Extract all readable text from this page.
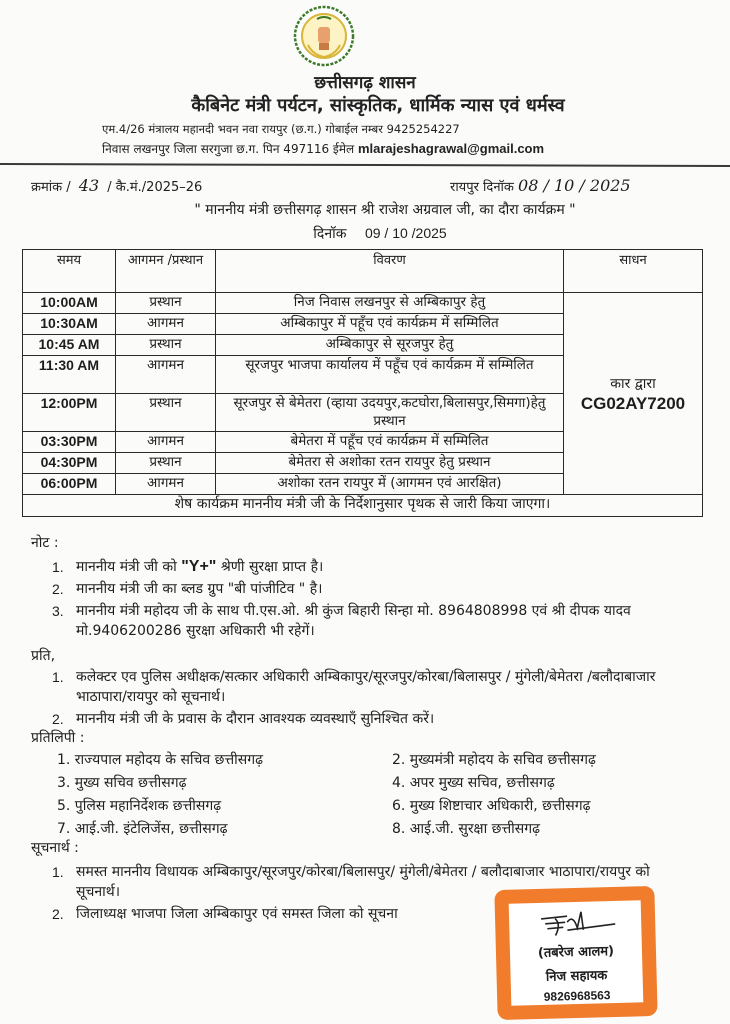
छत्तीसगढ़ शासन
कैबिनेट मंत्री पर्यटन, सांस्कृतिक, धार्मिक न्यास एवं धर्मस्व
एम.4/26 मंत्रालय महानदी भवन नवा रायपुर (छ.ग.) गोबाईल नम्बर 9425254227
निवास लखनपुर जिला सरगुजा छ.ग. पिन 497116 ईमेल mlarajeshagrawal@gmail.com
क्रमांक / 43 / कै.मं./2025–26	रायपुर दिनॉक 08 / 10 / 2025
" माननीय मंत्री छत्तीसगढ़ शासन श्री राजेश अग्रवाल जी, का दौरा कार्यक्रम "
दिनॉक 09 / 10 /2025
समय	आगमन /प्रस्थान	विवरण	साधन
10:00AM	प्रस्थान	निज निवास लखनपुर से अम्बिकापुर हेतु	कार द्वारा
CG02AY7200

10:30AM	आगमन	अम्बिकापुर में पहूँच एवं कार्यक्रम में सम्मिलित	
10:45 AM	प्रस्थान	अम्बिकापुर से सूरजपुर हेतु	
11:30 AM	आगमन	सूरजपुर भाजपा कार्यालय में पहूँच एवं कार्यक्रम में सम्मिलित	
12:00PM	प्रस्थान	सूरजपुर से बेमेतरा (व्हाया उदयपुर,कटघोरा,बिलासपुर,सिमगा)हेतु प्रस्थान	
03:30PM	आगमन	बेमेतरा में पहूँच एवं कार्यक्रम में सम्मिलित	
04:30PM	प्रस्थान	बेमेतरा से अशोका रतन रायपुर हेतु प्रस्थान	
06:00PM	आगमन	अशोका रतन रायपुर में (आगमन एवं आरक्षित)	
शेष कार्यक्रम माननीय मंत्री जी के निर्देशानुसार पृथक से जारी किया जाएगा।			
नोट :
1. माननीय मंत्री जी को "Y+" श्रेणी सुरक्षा प्राप्त है।
2. माननीय मंत्री जी का ब्लड ग्रुप "बी पांजीटिव " है।
3. माननीय मंत्री महोदय जी के साथ पी.एस.ओ. श्री कुंज बिहारी सिन्हा मो. 8964808998 एवं श्री दीपक यादव मो.9406200286 सुरक्षा अधिकारी भी रहेगें।
प्रति,
1. कलेक्टर एव पुलिस अधीक्षक/सत्कार अधिकारी अम्बिकापुर/सूरजपुर/कोरबा/बिलासपुर / मुंगेली/बेमेतरा /बलौदाबाजार भाठापारा/रायपुर को सूचनार्थ।
2. माननीय मंत्री जी के प्रवास के दौरान आवश्यक व्यवस्थाएँ सुनिश्चित करें।
प्रतिलिपी :
1. राज्यपाल महोदय के सचिव छत्तीसगढ़	2. मुख्यमंत्री महोदय के सचिव छत्तीसगढ़
3. मुख्य सचिव छत्तीसगढ़	4. अपर मुख्य सचिव, छत्तीसगढ़
5. पुलिस महानिर्देशक छत्तीसगढ़	6. मुख्य शिष्टाचार अधिकारी, छत्तीसगढ़
7. आई.जी. इंटेलिजेंस, छत्तीसगढ़	8. आई.जी. सुरक्षा छत्तीसगढ़
सूचनार्थ :
1. समस्त माननीय विधायक अम्बिकापुर/सूरजपुर/कोरबा/बिलासपुर/ मुंगेली/बेमेतरा / बलौदाबाजार भाठापारा/रायपुर को सूचनार्थ।
2. जिलाध्यक्ष भाजपा जिला अम्बिकापुर एवं समस्त जिला को सूचना
(तबरेज आलम)
निज सहायक
9826968563
